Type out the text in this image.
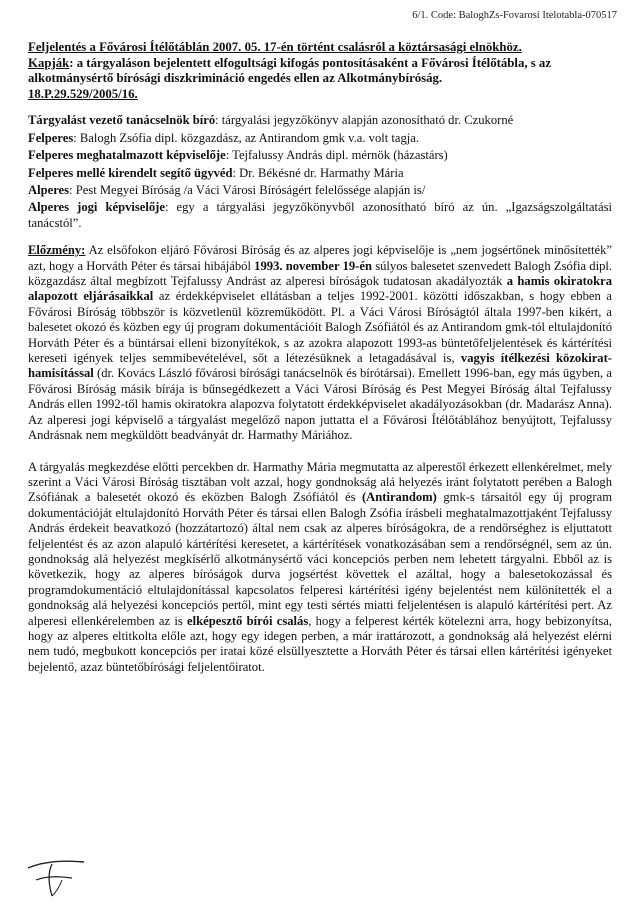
6/1. Code: BaloghZs-Fovarosi Itelotabla-070517
Feljelentés a Fővárosi Ítélőtáblán 2007. 05. 17-én történt csalásról a köztársasági elnökhöz.
Kapják: a tárgyaláson bejelentett elfogultsági kifogás pontosításaként a Fővárosi Ítélőtábla, s az alkotmánysértő bírósági diszkrimináció engedés ellen az Alkotmánybíróság.
18.P.29.529/2005/16.

Tárgyalást vezető tanácselnök bíró: tárgyalási jegyzőkönyv alapján azonosítható dr. Czukorné

Felperes: Balogh Zsófia dipl. közgazdász, az Antirandom gmk v.a. volt tagja.

Felperes meghatalmazott képviselője: Tejfalussy András dipl. mérnök (házastárs)

Felperes mellé kirendelt segítő ügyvéd: Dr. Békésné dr. Harmathy Mária

Alperes: Pest Megyei Bíróság /a Váci Városi Bíróságért felelőssége alapján is/

Alperes jogi képviselője: egy a tárgyalási jegyzőkönyvből azonosítható bíró az ún. „Igazságszolgáltatási tanácstól”.

Előzmény: Az elsőfokon eljáró Fővárosi Bíróság és az alperes jogi képviselője is „nem jogsértőnek minősítették” azt, hogy a Horváth Péter és társai hibájából 1993. november 19-én súlyos balesetet szenvedett Balogh Zsófia dipl. közgazdász által megbízott Tejfalussy Andrást az alperesi bíróságok tudatosan akadályozták a hamis okiratokra alapozott eljárásaikkal az érdekképviselet ellátásban a teljes 1992-2001. közötti időszakban, s hogy ebben a Fővárosi Bíróság többször is közvetlenül közreműködött. Pl. a Váci Városi Bíróságtól általa 1997-ben kikért, a balesetet okozó és közben egy új program dokumentációit Balogh Zsófiától és az Antirandom gmk-tól eltulajdonító Horváth Péter és a büntársai elleni bizonyítékok, s az azokra alapozott 1993-as büntetőfeljelentések és kártérítési kereseti igények teljes semmibevételével, sőt a létezésüknek a letagadásával is, vagyis ítélkezési közokirat-hamisítással (dr. Kovács László fővárosi bírósági tanácselnök és bírótársai). Emellett 1996-ban, egy más ügyben, a Fővárosi Bíróság másik bírája is bűnsegédkezett a Váci Városi Bíróság és Pest Megyei Bíróság által Tejfalussy András ellen 1992-től hamis okiratokra alapozva folytatott érdekképviselet akadályozásokban (dr. Madarász Anna). Az alperesi jogi képviselő a tárgyalást megelőző napon juttatta el a Fővárosi Ítélőtáblához benyújtott, Tejfalussy Andrásnak nem megküldött beadványát dr. Harmathy Máriához.

A tárgyalás megkezdése előtti percekben dr. Harmathy Mária megmutatta az alperestől érkezett ellenkérelmet, mely szerint a Váci Városi Bíróság tisztában volt azzal, hogy gondnokság alá helyezés iránt folytatott perében a Balogh Zsófiának a balesetét okozó és eközben Balogh Zsófiától és (Antirandom) gmk-s társaitól egy új program dokumentációját eltulajdonító Horváth Péter és társai ellen Balogh Zsófia írásbeli meghatalmazottjaként Tejfalussy András érdekeit beavatkozó (hozzátartozó) által nem csak az alperes bíróságokra, de a rendőrséghez is eljuttatott feljelentést és az azon alapuló kártérítési keresetet, a kártérítések vonatkozásában sem a rendőrségnél, sem az ún. gondnokság alá helyezést megkísérlő alkotmánysértő váci koncepciós perben nem lehetett tárgyalni. Ebből az is következik, hogy az alperes bíróságok durva jogsértést követtek el azáltal, hogy a balesetokozással és programdokumentáció eltulajdonítással kapcsolatos felperesi kártérítési igény bejelentést nem különítették el a gondnokság alá helyezési koncepciós pertől, mint egy testi sértés miatti feljelentésen is alapuló kártérítési pert. Az alperesi ellenkérelemben az is elképesztő bírói csalás, hogy a felperest kérték kötelezni arra, hogy bebizonyítsa, hogy az alperes eltitkolta előle azt, hogy egy idegen perben, a már irattározott, a gondnokság alá helyezést elérni nem tudó, megbukott koncepciós per iratai közé elsüllyesztette a Horváth Péter és társai ellen kártérítési igényeket bejelentő, azaz büntetőbírósági feljelentőiratot.
